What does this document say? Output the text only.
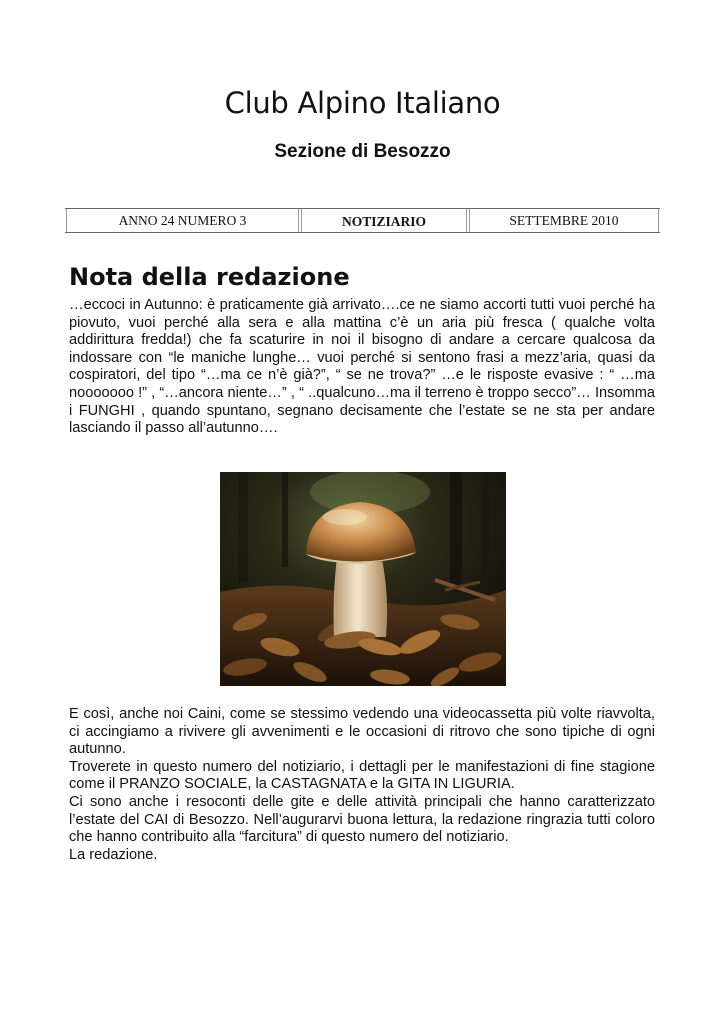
Club Alpino Italiano
Sezione di Besozzo
ANNO 24 NUMERO 3	NOTIZIARIO	SETTEMBRE 2010
Nota della redazione

…eccoci in Autunno: è praticamente già arrivato….ce ne siamo accorti tutti vuoi perché ha piovuto, vuoi perché alla sera e alla mattina c’è un aria più fresca ( qualche volta addirittura fredda!) che fa scaturire in noi il bisogno di andare a cercare qualcosa da indossare con “le maniche lunghe… vuoi perché si sentono frasi a mezz’aria, quasi da cospiratori, del tipo “…ma ce n’è già?”, “ se ne trova?” …e le risposte evasive : “ …ma nooooooo !” , “…ancora niente…” , “ ..qualcuno…ma il terreno è troppo secco”… Insomma i FUNGHI , quando spuntano, segnano decisamente che l’estate se ne sta per andare lasciando il passo all’autunno….

E così, anche noi Caini, come se stessimo vedendo una videocassetta più volte riavvolta, ci accingiamo a rivivere gli avvenimenti e le occasioni di ritrovo che sono tipiche di ogni autunno.
Troverete in questo numero del notiziario, i dettagli per le manifestazioni di fine stagione come il PRANZO SOCIALE, la CASTAGNATA e la GITA IN LIGURIA.
Ci sono anche i resoconti delle gite e delle attività principali che hanno caratterizzato l’estate del CAI di Besozzo. Nell’augurarvi buona lettura, la redazione ringrazia tutti coloro che hanno contribuito alla “farcitura” di questo numero del notiziario.
La redazione.
